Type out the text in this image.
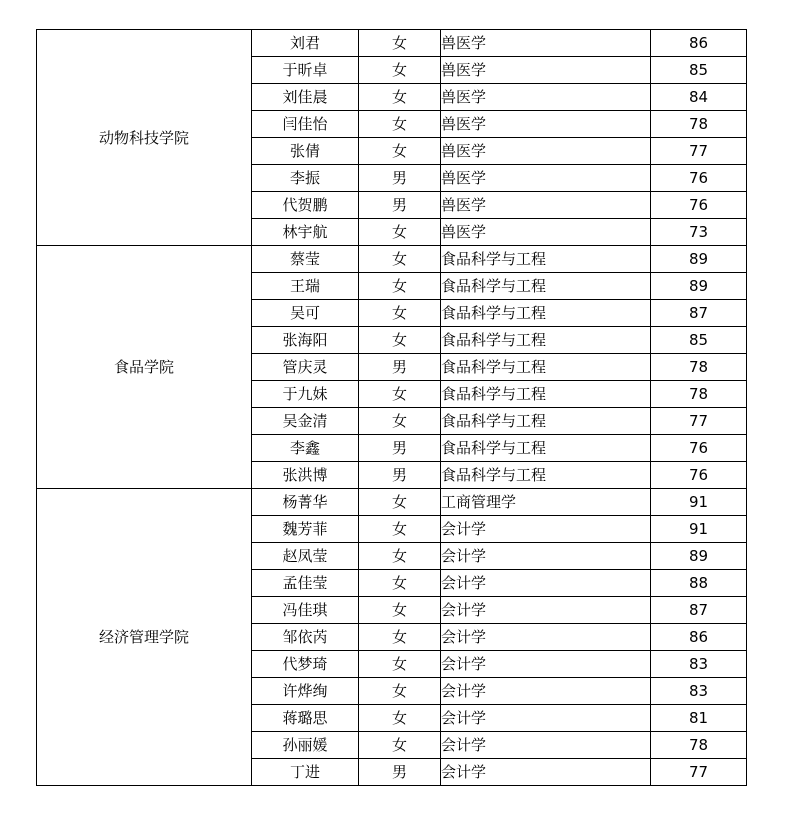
动物科技学院	刘君	女	兽医学	86
	于昕卓	女	兽医学	85
	刘佳晨	女	兽医学	84
	闫佳怡	女	兽医学	78
	张倩	女	兽医学	77
	李振	男	兽医学	76
	代贺鹏	男	兽医学	76
	林宇航	女	兽医学	73
食品学院	蔡莹	女	食品科学与工程	89
	王瑞	女	食品科学与工程	89
	吴可	女	食品科学与工程	87
	张海阳	女	食品科学与工程	85
	管庆灵	男	食品科学与工程	78
	于九妹	女	食品科学与工程	78
	吴金清	女	食品科学与工程	77
	李鑫	男	食品科学与工程	76
	张洪博	男	食品科学与工程	76
经济管理学院	杨菁华	女	工商管理学	91
	魏芳菲	女	会计学	91
	赵凤莹	女	会计学	89
	孟佳莹	女	会计学	88
	冯佳琪	女	会计学	87
	邹依芮	女	会计学	86
	代梦琦	女	会计学	83
	许烨绚	女	会计学	83
	蒋璐思	女	会计学	81
	孙丽媛	女	会计学	78
	丁进	男	会计学	77
